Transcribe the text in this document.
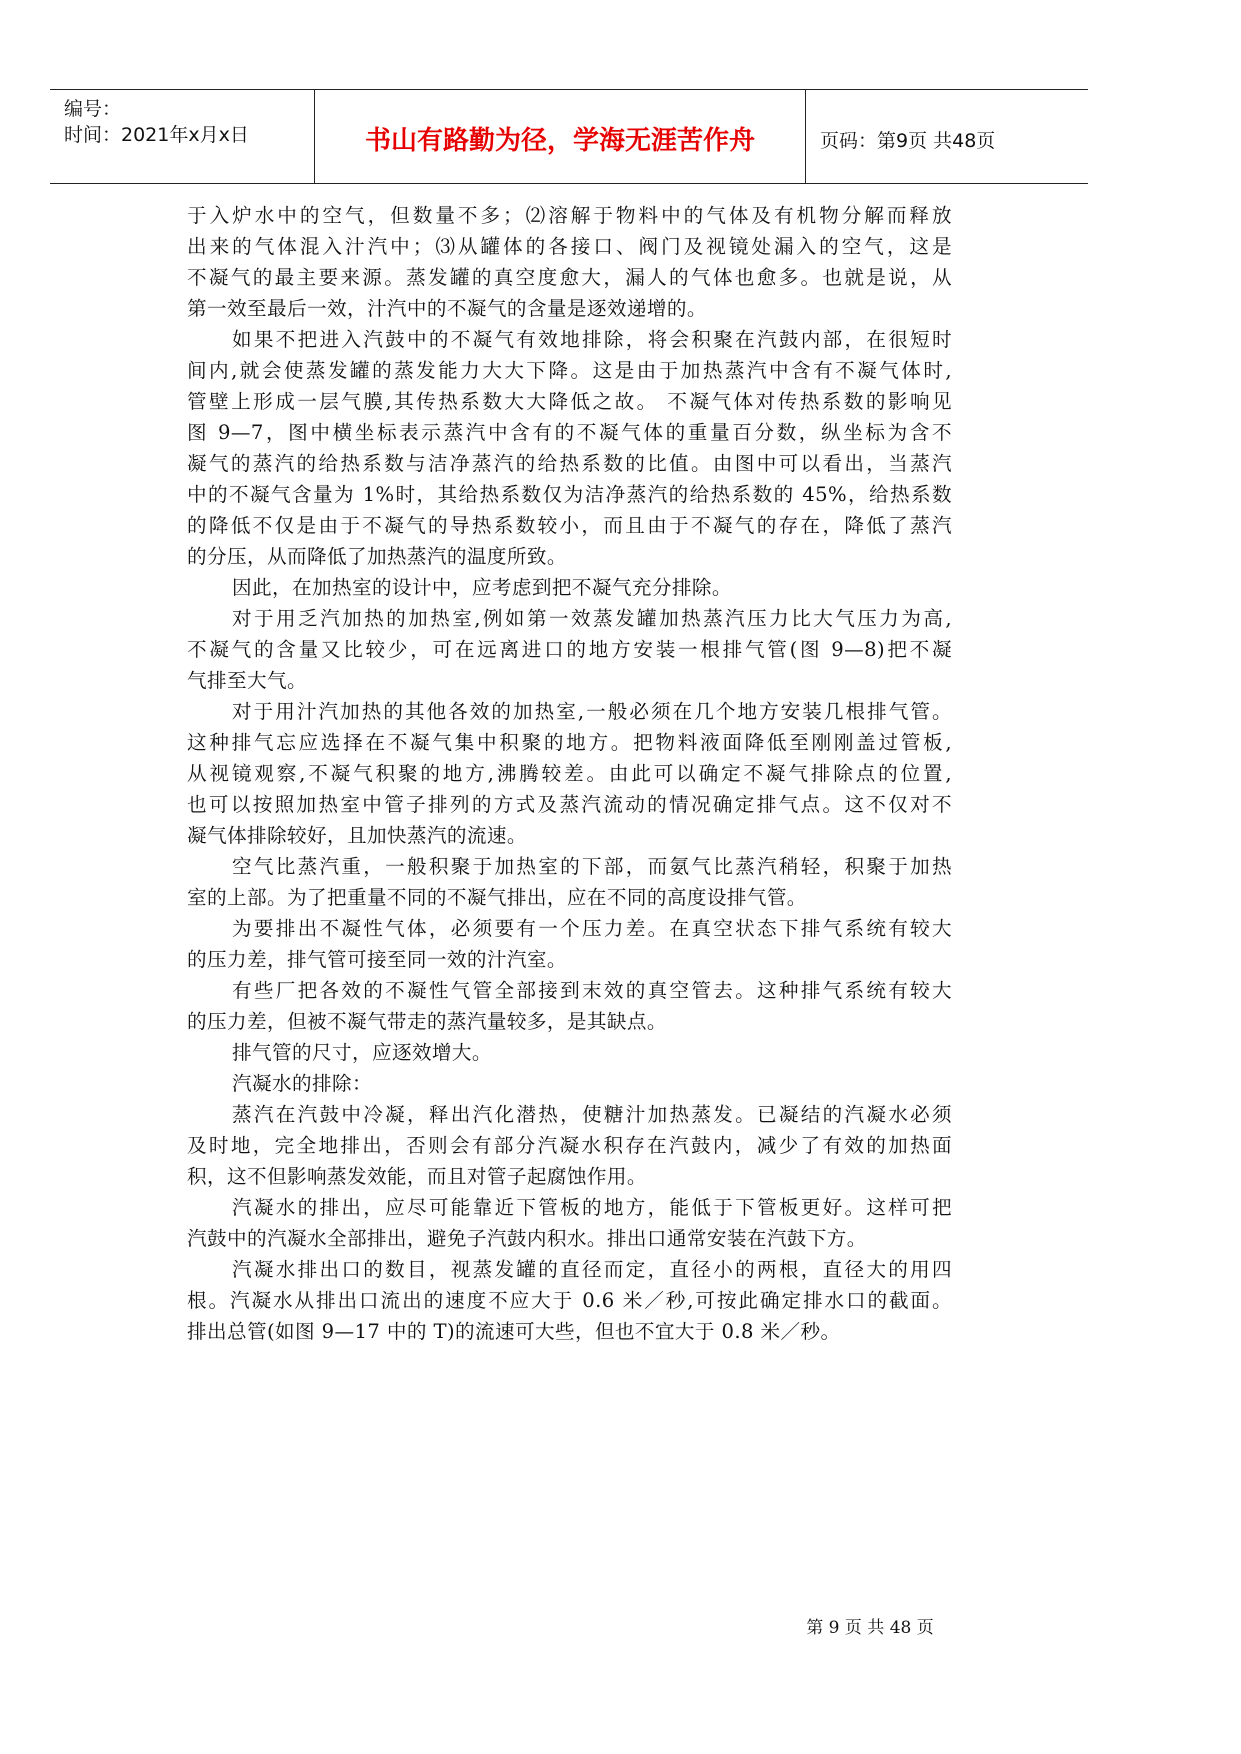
编号：
时间：2021年x月x日	书山有路勤为径，学海无涯苦作舟	页码：第9页 共48页
于入炉水中的空气，但数量不多；⑵溶解于物料中的气体及有机物分解而释放
出来的气体混入汁汽中；⑶从罐体的各接口、阀门及视镜处漏入的空气，这是
不凝气的最主要来源。蒸发罐的真空度愈大，漏人的气体也愈多。也就是说，从
第一效至最后一效，汁汽中的不凝气的含量是逐效递增的。
如果不把进入汽鼓中的不凝气有效地排除，将会积聚在汽鼓内部，在很短时
间内,就会使蒸发罐的蒸发能力大大下降。这是由于加热蒸汽中含有不凝气体时,
管壁上形成一层气膜,其传热系数大大降低之故。 不凝气体对传热系数的影响见
图 9—7，图中横坐标表示蒸汽中含有的不凝气体的重量百分数，纵坐标为含不
凝气的蒸汽的给热系数与洁净蒸汽的给热系数的比值。由图中可以看出，当蒸汽
中的不凝气含量为 1%时，其给热系数仅为洁净蒸汽的给热系数的 45%，给热系数
的降低不仅是由于不凝气的导热系数较小，而且由于不凝气的存在，降低了蒸汽
的分压，从而降低了加热蒸汽的温度所致。
因此，在加热室的设计中，应考虑到把不凝气充分排除。
对于用乏汽加热的加热室,例如第一效蒸发罐加热蒸汽压力比大气压力为高,
不凝气的含量又比较少，可在远离进口的地方安装一根排气管(图 9—8)把不凝
气排至大气。
对于用汁汽加热的其他各效的加热室,一般必须在几个地方安装几根排气管。
这种排气忘应选择在不凝气集中积聚的地方。把物料液面降低至刚刚盖过管板,
从视镜观察,不凝气积聚的地方,沸腾较差。由此可以确定不凝气排除点的位置,
也可以按照加热室中管子排列的方式及蒸汽流动的情况确定排气点。这不仅对不
凝气体排除较好，且加快蒸汽的流速。
空气比蒸汽重，一般积聚于加热室的下部，而氨气比蒸汽稍轻，积聚于加热
室的上部。为了把重量不同的不凝气排出，应在不同的高度设排气管。
为要排出不凝性气体，必须要有一个压力差。在真空状态下排气系统有较大
的压力差，排气管可接至同一效的汁汽室。
有些厂把各效的不凝性气管全部接到末效的真空管去。这种排气系统有较大
的压力差，但被不凝气带走的蒸汽量较多，是其缺点。
排气管的尺寸，应逐效增大。
汽凝水的排除：
蒸汽在汽鼓中冷凝，释出汽化潜热，使糖汁加热蒸发。已凝结的汽凝水必须
及时地，完全地排出，否则会有部分汽凝水积存在汽鼓内，减少了有效的加热面
积，这不但影响蒸发效能，而且对管子起腐蚀作用。
汽凝水的排出，应尽可能靠近下管板的地方，能低于下管板更好。这样可把
汽鼓中的汽凝水全部排出，避免子汽鼓内积水。排出口通常安装在汽鼓下方。
汽凝水排出口的数目，视蒸发罐的直径而定，直径小的两根，直径大的用四
根。汽凝水从排出口流出的速度不应大于 0.6 米／秒,可按此确定排水口的截面。
排出总管(如图 9—17 中的 T)的流速可大些，但也不宜大于 0.8 米／秒。
第 9 页 共 48 页
